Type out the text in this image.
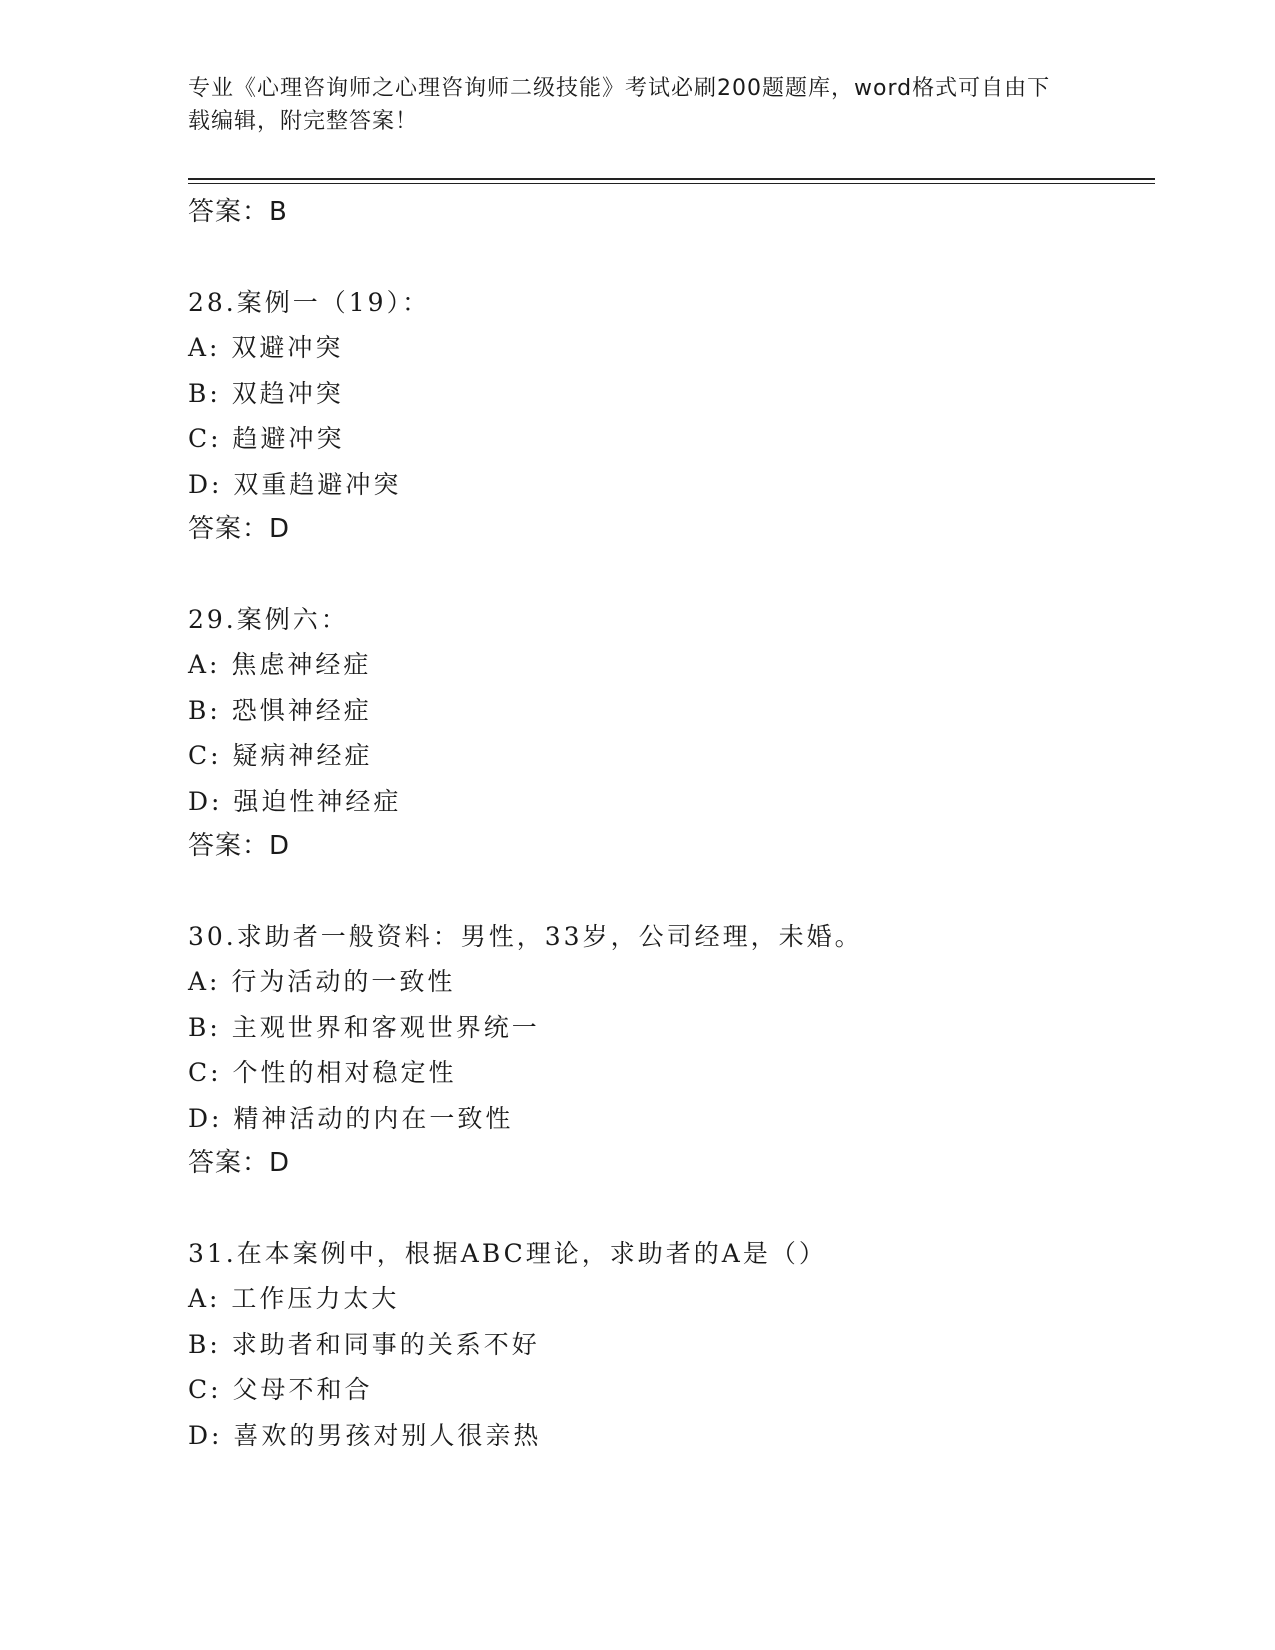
专业《心理咨询师之心理咨询师二级技能》考试必刷200题题库，word格式可自由下载编辑，附完整答案！
答案：B
28.案例一（19）：
A: 双避冲突
B: 双趋冲突
C: 趋避冲突
D: 双重趋避冲突
答案：D
29.案例六：
A: 焦虑神经症
B: 恐惧神经症
C: 疑病神经症
D: 强迫性神经症
答案：D
30.求助者一般资料：男性，33岁，公司经理，未婚。
A: 行为活动的一致性
B: 主观世界和客观世界统一
C: 个性的相对稳定性
D: 精神活动的内在一致性
答案：D
31.在本案例中，根据ABC理论，求助者的A是（）
A: 工作压力太大
B: 求助者和同事的关系不好
C: 父母不和合
D: 喜欢的男孩对别人很亲热
